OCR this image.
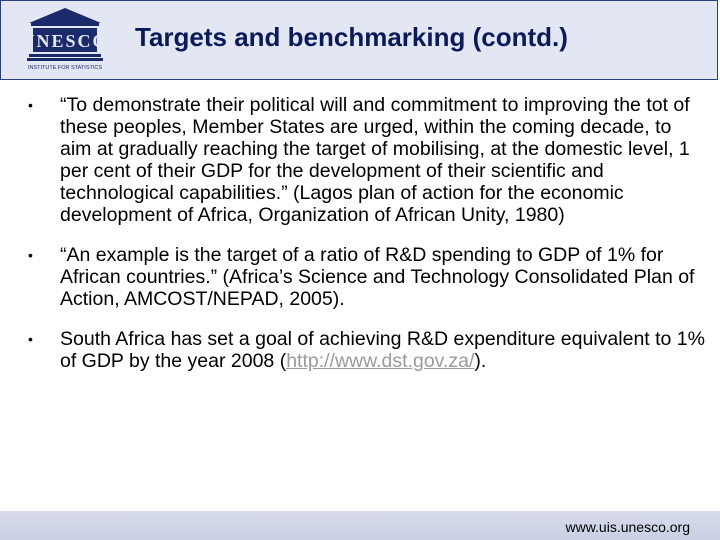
UNESCO
INSTITUTE FOR STATISTICS
Targets and benchmarking (contd.)
• “To demonstrate their political will and commitment to improving the tot of these peoples, Member States are urged, within the coming decade, to aim at gradually reaching the target of mobilising, at the domestic level, 1 per cent of their GDP for the development of their scientific and technological capabilities.” (Lagos plan of action for the economic development of Africa, Organization of African Unity, 1980)
• “An example is the target of a ratio of R&D spending to GDP of 1% for African countries.” (Africa’s Science and Technology Consolidated Plan of Action, AMCOST/NEPAD, 2005).
• South Africa has set a goal of achieving R&D expenditure equivalent to 1% of GDP by the year 2008 (http://www.dst.gov.za/).
www.uis.unesco.org
